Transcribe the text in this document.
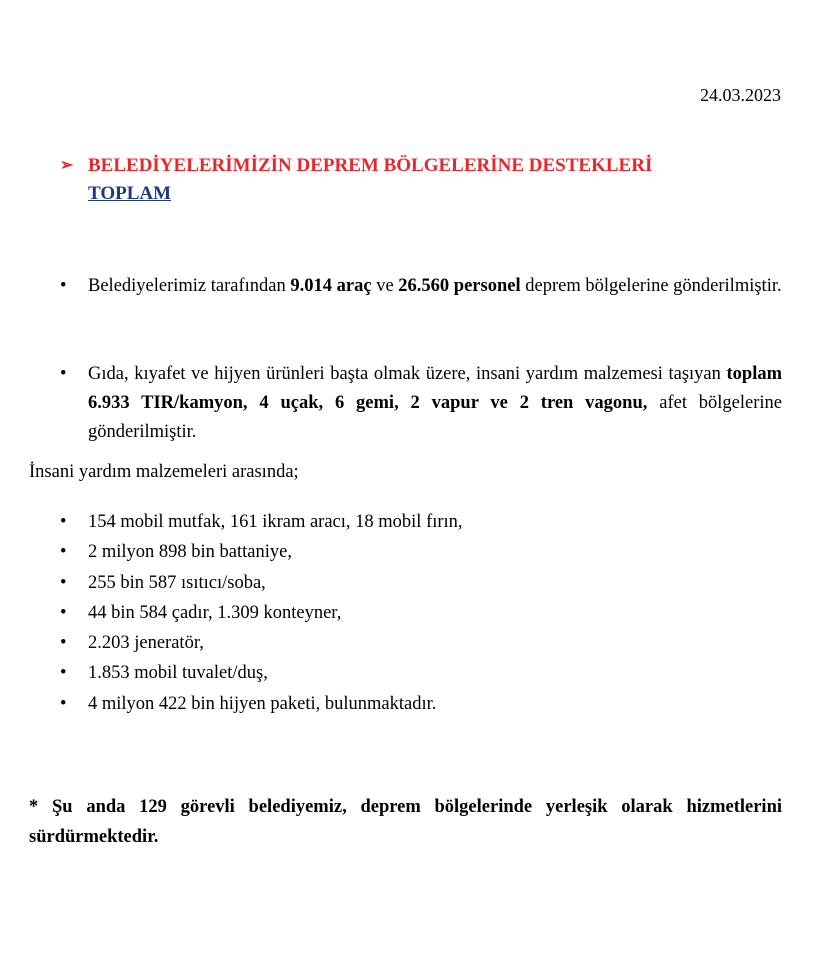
24.03.2023
➢ BELEDİYELERİMİZİN DEPREM BÖLGELERİNE DESTEKLERİ
TOPLAM
• Belediyelerimiz tarafından 9.014 araç ve 26.560 personel deprem bölgelerine gönderilmiştir.
• Gıda, kıyafet ve hijyen ürünleri başta olmak üzere, insani yardım malzemesi taşıyan toplam 6.933 TIR/kamyon, 4 uçak, 6 gemi, 2 vapur ve 2 tren vagonu, afet bölgelerine gönderilmiştir.
İnsani yardım malzemeleri arasında;
• 154 mobil mutfak, 161 ikram aracı, 18 mobil fırın,
• 2 milyon 898 bin battaniye,
• 255 bin 587 ısıtıcı/soba,
• 44 bin 584 çadır, 1.309 konteyner,
• 2.203 jeneratör,
• 1.853 mobil tuvalet/duş,
• 4 milyon 422 bin hijyen paketi, bulunmaktadır.
* Şu anda 129 görevli belediyemiz, deprem bölgelerinde yerleşik olarak hizmetlerini sürdürmektedir.
